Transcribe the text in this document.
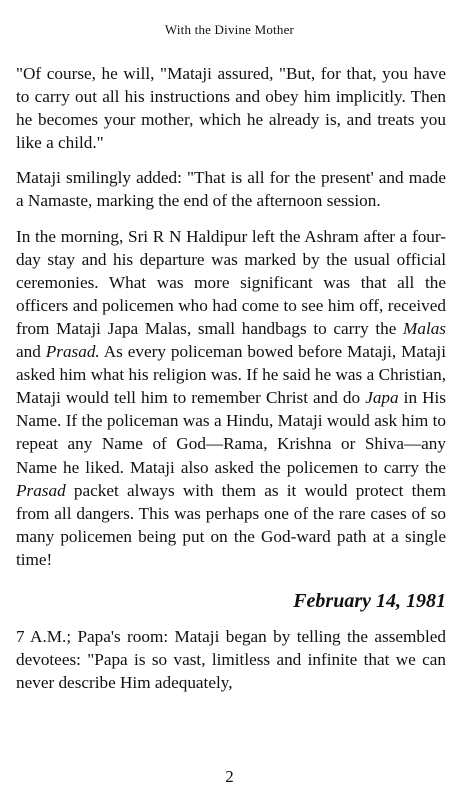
With the Divine Mother

"Of course, he will, "Mataji assured, "But, for that, you have to carry out all his instructions and obey him implicitly. Then he becomes your mother, which he already is, and treats you like a child."

Mataji smilingly added: "That is all for the present' and made a Namaste, marking the end of the afternoon session.

In the morning, Sri R N Haldipur left the Ashram after a four-day stay and his departure was marked by the usual official ceremonies. What was more significant was that all the officers and policemen who had come to see him off, received from Mataji Japa Malas, small handbags to carry the Malas and Prasad. As every policeman bowed before Mataji, Mataji asked him what his religion was. If he said he was a Christian, Mataji would tell him to remember Christ and do Japa in His Name. If the policeman was a Hindu, Mataji would ask him to repeat any Name of God—Rama, Krishna or Shiva—any Name he liked. Mataji also asked the policemen to carry the Prasad packet always with them as it would protect them from all dangers. This was perhaps one of the rare cases of so many policemen being put on the God-ward path at a single time!

February 14, 1981

7 A.M.; Papa's room: Mataji began by telling the assembled devotees: "Papa is so vast, limitless and infinite that we can never describe Him adequately,

2
